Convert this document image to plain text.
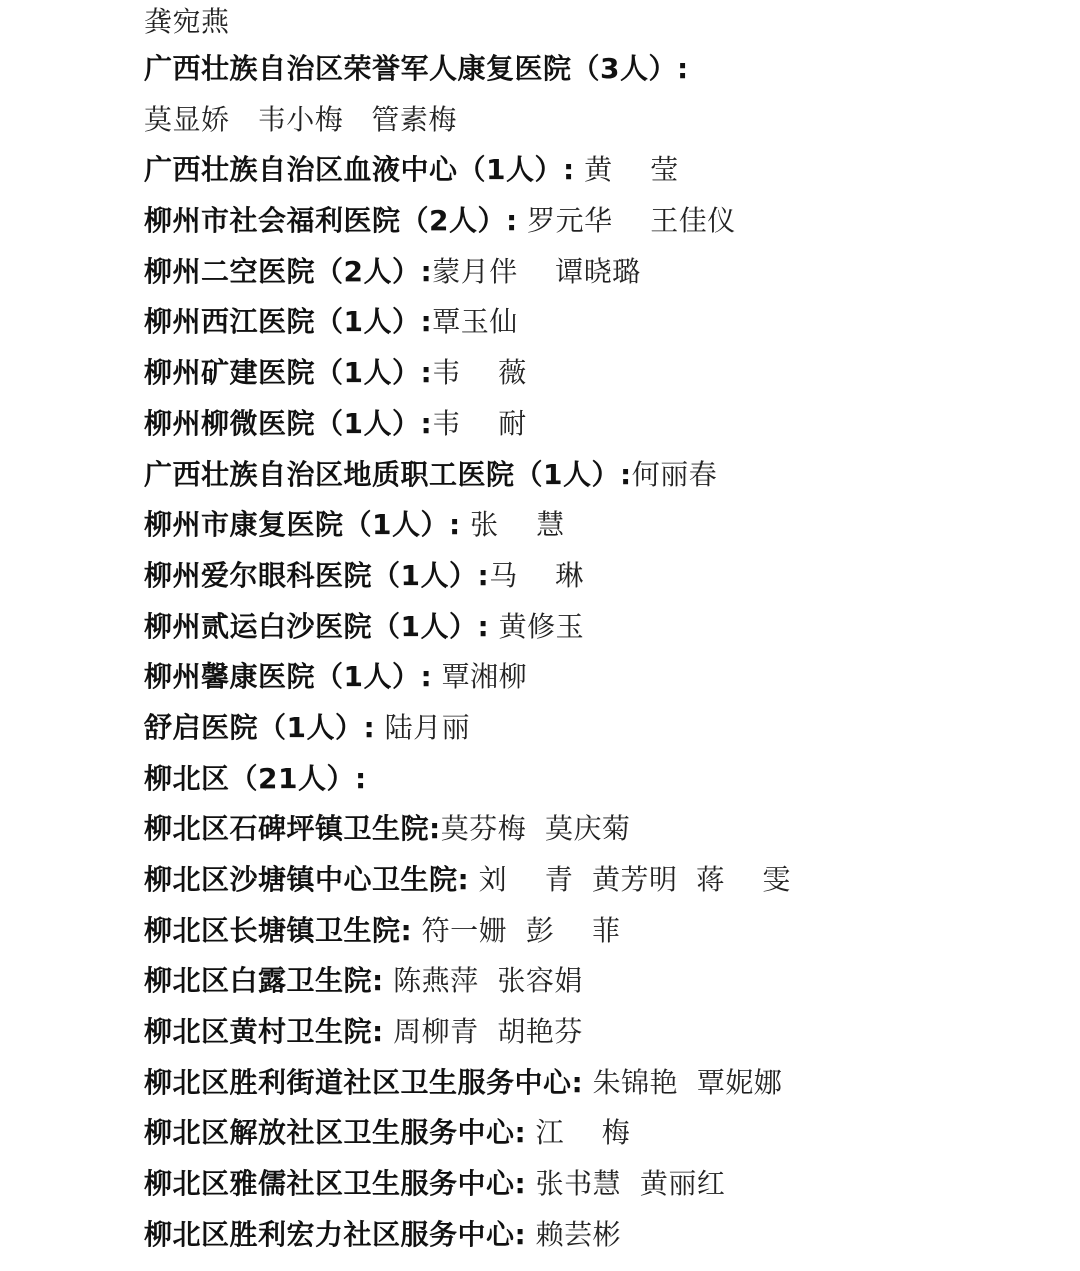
龚宛燕
广西壮族自治区荣誉军人康复医院（3人）:
莫显娇   韦小梅   管素梅
广西壮族自治区血液中心（1人）: 黄    莹
柳州市社会福利医院（2人）: 罗元华    王佳仪
柳州二空医院（2人）:蒙月伴    谭晓璐
柳州西江医院（1人）:覃玉仙
柳州矿建医院（1人）:韦    薇
柳州柳微医院（1人）:韦    耐
广西壮族自治区地质职工医院（1人）:何丽春
柳州市康复医院（1人）: 张    慧
柳州爱尔眼科医院（1人）:马    琳
柳州贰运白沙医院（1人）: 黄修玉
柳州馨康医院（1人）: 覃湘柳
舒启医院（1人）: 陆月丽
柳北区（21人）:
柳北区石碑坪镇卫生院:莫芬梅  莫庆菊
柳北区沙塘镇中心卫生院: 刘    青  黄芳明  蒋    雯
柳北区长塘镇卫生院: 符一姗  彭    菲
柳北区白露卫生院: 陈燕萍  张容娟
柳北区黄村卫生院: 周柳青  胡艳芬
柳北区胜利街道社区卫生服务中心: 朱锦艳  覃妮娜
柳北区解放社区卫生服务中心: 江    梅
柳北区雅儒社区卫生服务中心: 张书慧  黄丽红
柳北区胜利宏力社区服务中心: 赖芸彬
